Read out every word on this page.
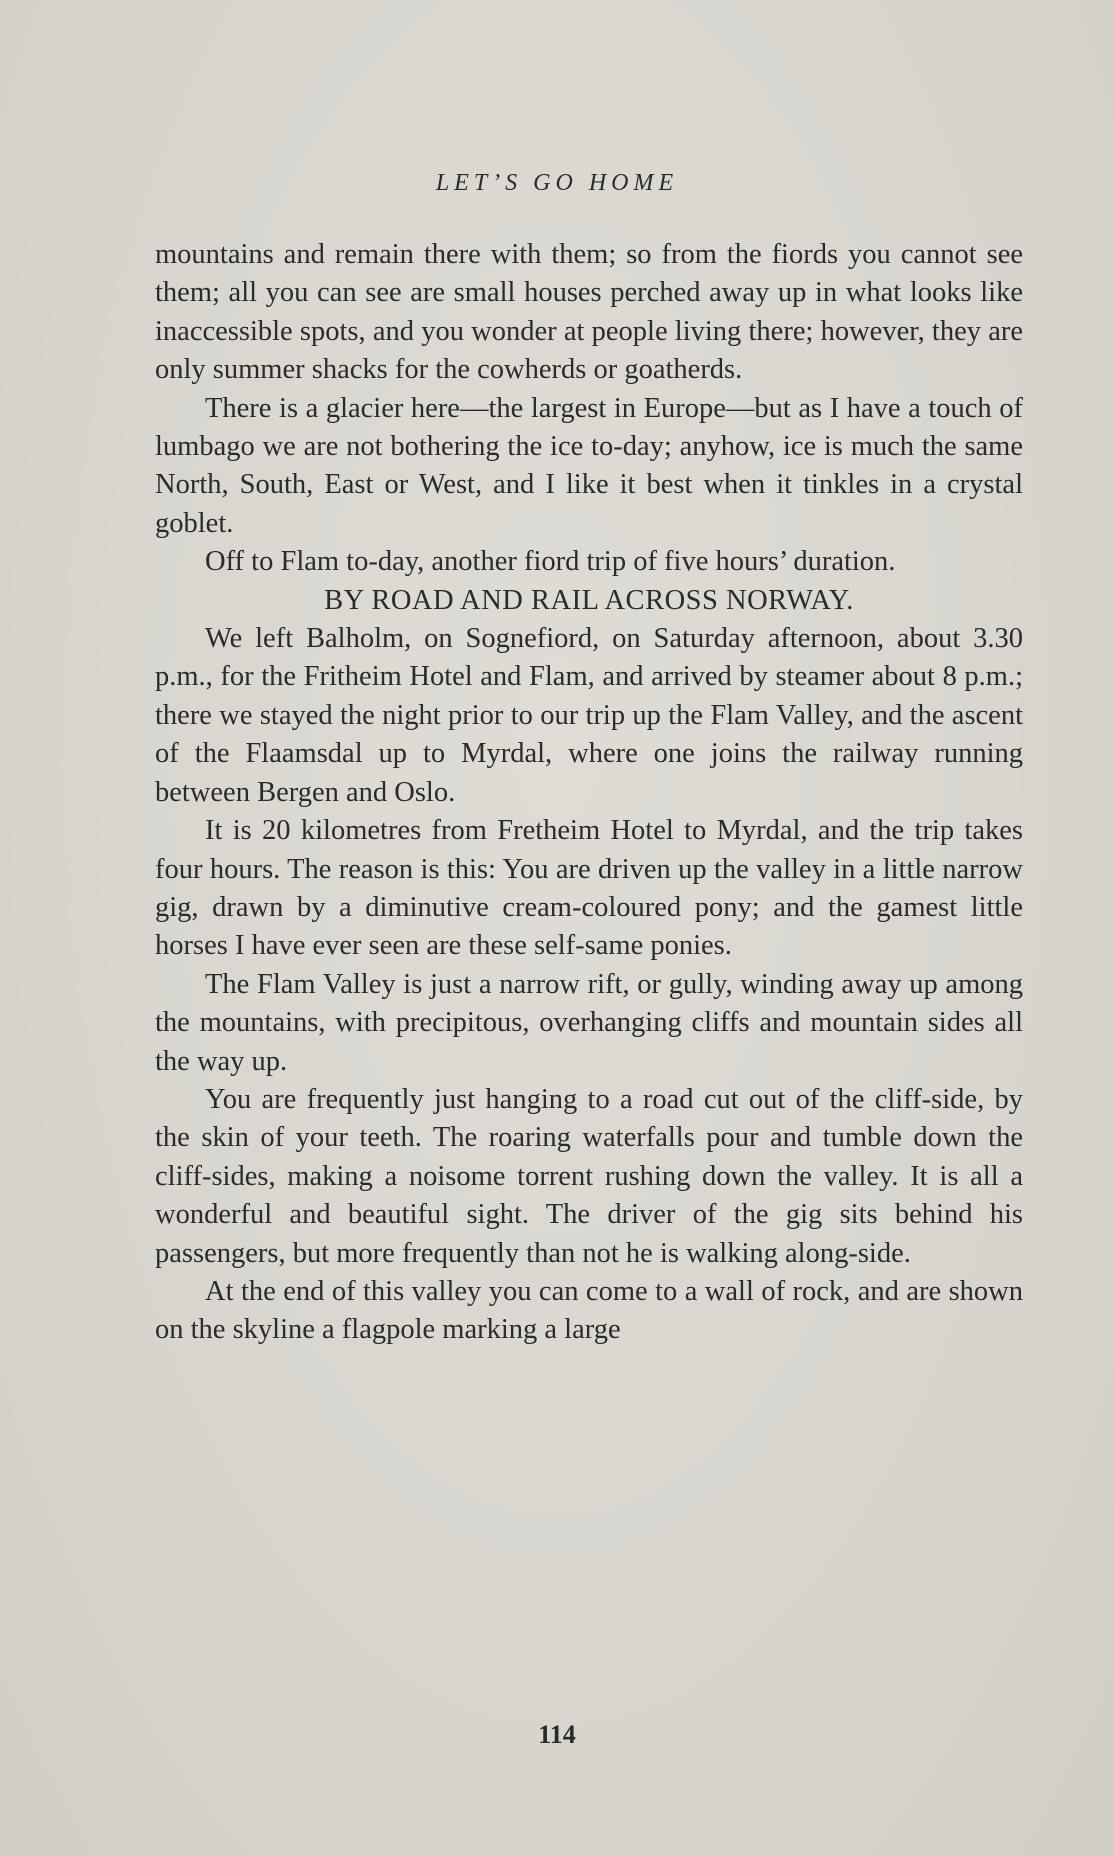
LET’S GO HOME

mountains and remain there with them; so from the fiords you cannot see them; all you can see are small houses perched away up in what looks like inaccessible spots, and you wonder at people living there; however, they are only summer shacks for the cowherds or goatherds.

There is a glacier here—the largest in Europe—but as I have a touch of lumbago we are not bothering the ice to-day; anyhow, ice is much the same North, South, East or West, and I like it best when it tinkles in a crystal goblet.

Off to Flam to-day, another fiord trip of five hours’ duration.

BY ROAD AND RAIL ACROSS NORWAY.

We left Balholm, on Sognefiord, on Saturday afternoon, about 3.30 p.m., for the Fritheim Hotel and Flam, and arrived by steamer about 8 p.m.; there we stayed the night prior to our trip up the Flam Valley, and the ascent of the Flaamsdal up to Myrdal, where one joins the railway running between Bergen and Oslo.

It is 20 kilometres from Fretheim Hotel to Myrdal, and the trip takes four hours. The reason is this: You are driven up the valley in a little narrow gig, drawn by a diminutive cream-coloured pony; and the gamest little horses I have ever seen are these self-same ponies.

The Flam Valley is just a narrow rift, or gully, winding away up among the mountains, with precipitous, overhanging cliffs and mountain sides all the way up.

You are frequently just hanging to a road cut out of the cliff-side, by the skin of your teeth. The roaring waterfalls pour and tumble down the cliff-sides, making a noisome torrent rushing down the valley. It is all a wonderful and beautiful sight. The driver of the gig sits behind his passengers, but more frequently than not he is walking along-side.

At the end of this valley you can come to a wall of rock, and are shown on the skyline a flagpole marking a large

114
